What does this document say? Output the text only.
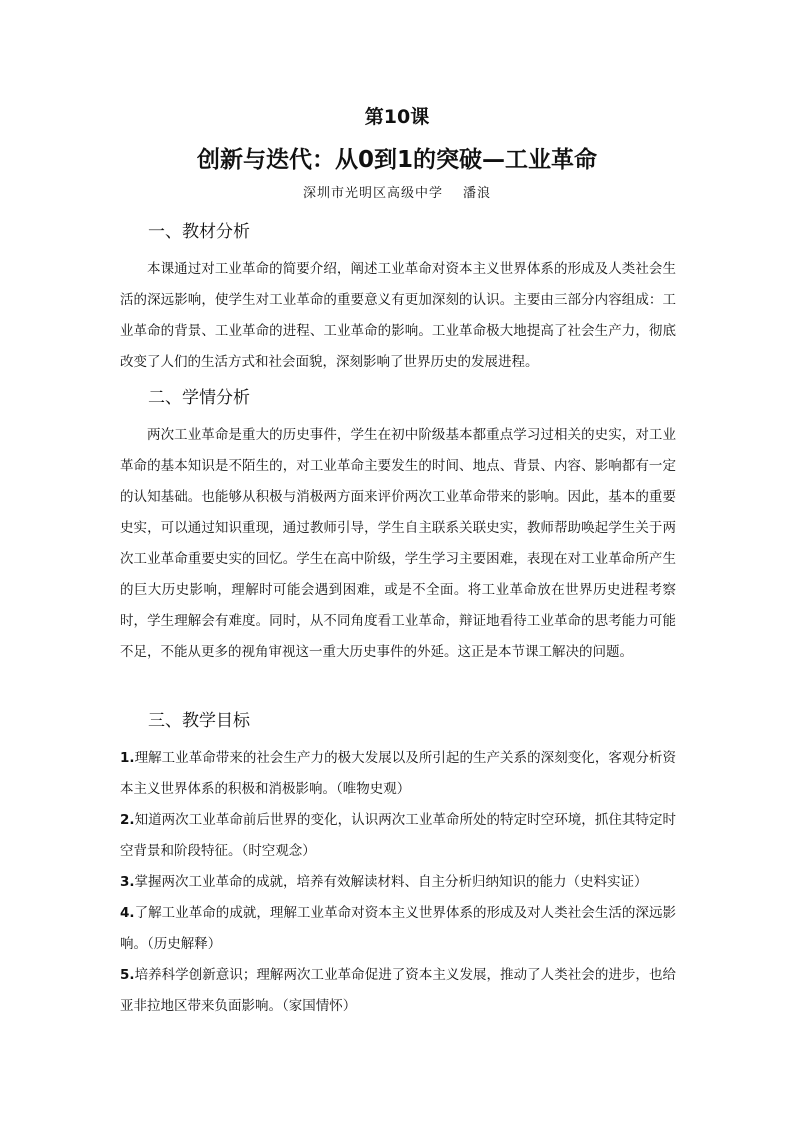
第10课
创新与迭代：从0到1的突破—工业革命
深圳市光明区高级中学 潘浪
一、教材分析
本课通过对工业革命的简要介绍，阐述工业革命对资本主义世界体系的形成及人类社会生活的深远影响，使学生对工业革命的重要意义有更加深刻的认识。主要由三部分内容组成：工业革命的背景、工业革命的进程、工业革命的影响。工业革命极大地提高了社会生产力，彻底改变了人们的生活方式和社会面貌，深刻影响了世界历史的发展进程。
二、学情分析
两次工业革命是重大的历史事件，学生在初中阶级基本都重点学习过相关的史实，对工业革命的基本知识是不陌生的，对工业革命主要发生的时间、地点、背景、内容、影响都有一定的认知基础。也能够从积极与消极两方面来评价两次工业革命带来的影响。因此，基本的重要史实，可以通过知识重现，通过教师引导，学生自主联系关联史实，教师帮助唤起学生关于两次工业革命重要史实的回忆。学生在高中阶级，学生学习主要困难，表现在对工业革命所产生的巨大历史影响，理解时可能会遇到困难，或是不全面。将工业革命放在世界历史进程考察时，学生理解会有难度。同时，从不同角度看工业革命，辩证地看待工业革命的思考能力可能不足，不能从更多的视角审视这一重大历史事件的外延。这正是本节课工解决的问题。
三、教学目标
1.理解工业革命带来的社会生产力的极大发展以及所引起的生产关系的深刻变化，客观分析资本主义世界体系的积极和消极影响。（唯物史观）
2.知道两次工业革命前后世界的变化，认识两次工业革命所处的特定时空环境，抓住其特定时空背景和阶段特征。（时空观念）
3.掌握两次工业革命的成就，培养有效解读材料、自主分析归纳知识的能力（史料实证）
4.了解工业革命的成就，理解工业革命对资本主义世界体系的形成及对人类社会生活的深远影响。（历史解释）
5.培养科学创新意识；理解两次工业革命促进了资本主义发展，推动了人类社会的进步，也给亚非拉地区带来负面影响。（家国情怀）
